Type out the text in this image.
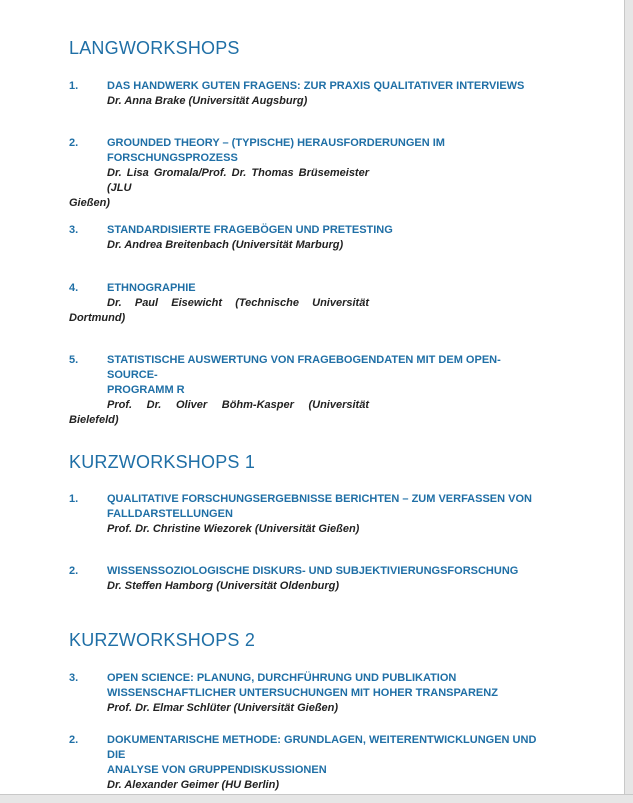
LANGWORKSHOPS
1.	DAS HANDWERK GUTEN FRAGENS: ZUR PRAXIS QUALITATIVER INTERVIEWS
Dr. Anna Brake (Universität Augsburg)
2.	GROUNDED THEORY – (TYPISCHE) HERAUSFORDERUNGEN IM
FORSCHUNGSPROZESS
Dr. Lisa Gromala/Prof. Dr. Thomas Brüsemeister (JLU
Gießen)
3.	STANDARDISIERTE FRAGEBÖGEN UND PRETESTING
Dr. Andrea Breitenbach (Universität Marburg)
4.	ETHNOGRAPHIE
Dr. Paul Eisewicht (Technische Universität
Dortmund)
5.	STATISTISCHE AUSWERTUNG VON FRAGEBOGENDATEN MIT DEM OPEN-SOURCE-
PROGRAMM R
Prof. Dr. Oliver Böhm-Kasper (Universität
Bielefeld)
KURZWORKSHOPS 1
1.	QUALITATIVE FORSCHUNGSERGEBNISSE BERICHTEN – ZUM VERFASSEN VON
FALLDARSTELLUNGEN
Prof. Dr. Christine Wiezorek (Universität Gießen)
2.	WISSENSSOZIOLOGISCHE DISKURS- UND SUBJEKTIVIERUNGSFORSCHUNG
Dr. Steffen Hamborg (Universität Oldenburg)
KURZWORKSHOPS 2
3.	OPEN SCIENCE: PLANUNG, DURCHFÜHRUNG UND PUBLIKATION
WISSENSCHAFTLICHER UNTERSUCHUNGEN MIT HOHER TRANSPARENZ
Prof. Dr. Elmar Schlüter (Universität Gießen)
2.	DOKUMENTARISCHE METHODE: GRUNDLAGEN, WEITERENTWICKLUNGEN UND DIE
ANALYSE VON GRUPPENDISKUSSIONEN
Dr. Alexander Geimer (HU Berlin)
